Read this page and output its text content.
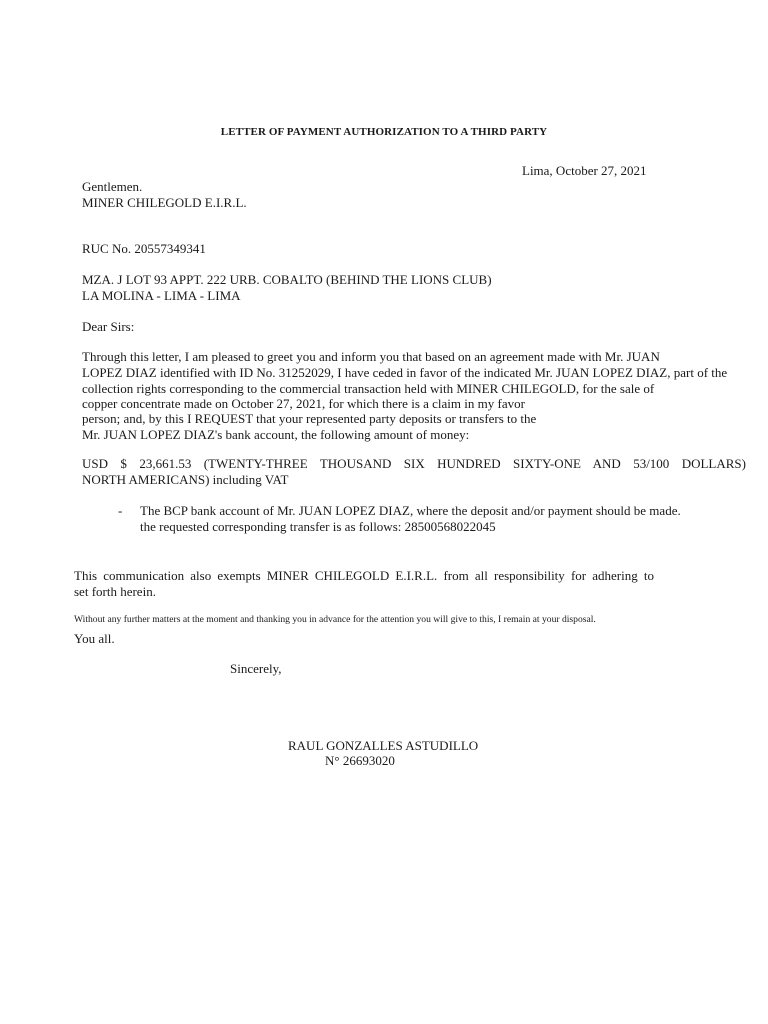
LETTER OF PAYMENT AUTHORIZATION TO A THIRD PARTY
Lima, October 27, 2021
Gentlemen.
MINER CHILEGOLD E.I.R.L.
RUC No. 20557349341
MZA. J LOT 93 APPT. 222 URB. COBALTO (BEHIND THE LIONS CLUB)
LA MOLINA - LIMA - LIMA
Dear Sirs:
Through this letter, I am pleased to greet you and inform you that based on an agreement made with Mr. JUAN
LOPEZ DIAZ identified with ID No. 31252029, I have ceded in favor of the indicated Mr. JUAN LOPEZ DIAZ, part of the
collection rights corresponding to the commercial transaction held with MINER CHILEGOLD, for the sale of
copper concentrate made on October 27, 2021, for which there is a claim in my favor
person; and, by this I REQUEST that your represented party deposits or transfers to the
Mr. JUAN LOPEZ DIAZ's bank account, the following amount of money:
USD $ 23,661.53 (TWENTY-THREE THOUSAND SIX HUNDRED SIXTY-ONE AND 53/100 DOLLARS)
NORTH AMERICANS) including VAT
- The BCP bank account of Mr. JUAN LOPEZ DIAZ, where the deposit and/or payment should be made.
the requested corresponding transfer is as follows: 28500568022045
This communication also exempts MINER CHILEGOLD E.I.R.L. from all responsibility for adhering to
set forth herein.
Without any further matters at the moment and thanking you in advance for the attention you will give to this, I remain at your disposal.
You all.
Sincerely,
RAUL GONZALLES ASTUDILLO
N° 26693020
